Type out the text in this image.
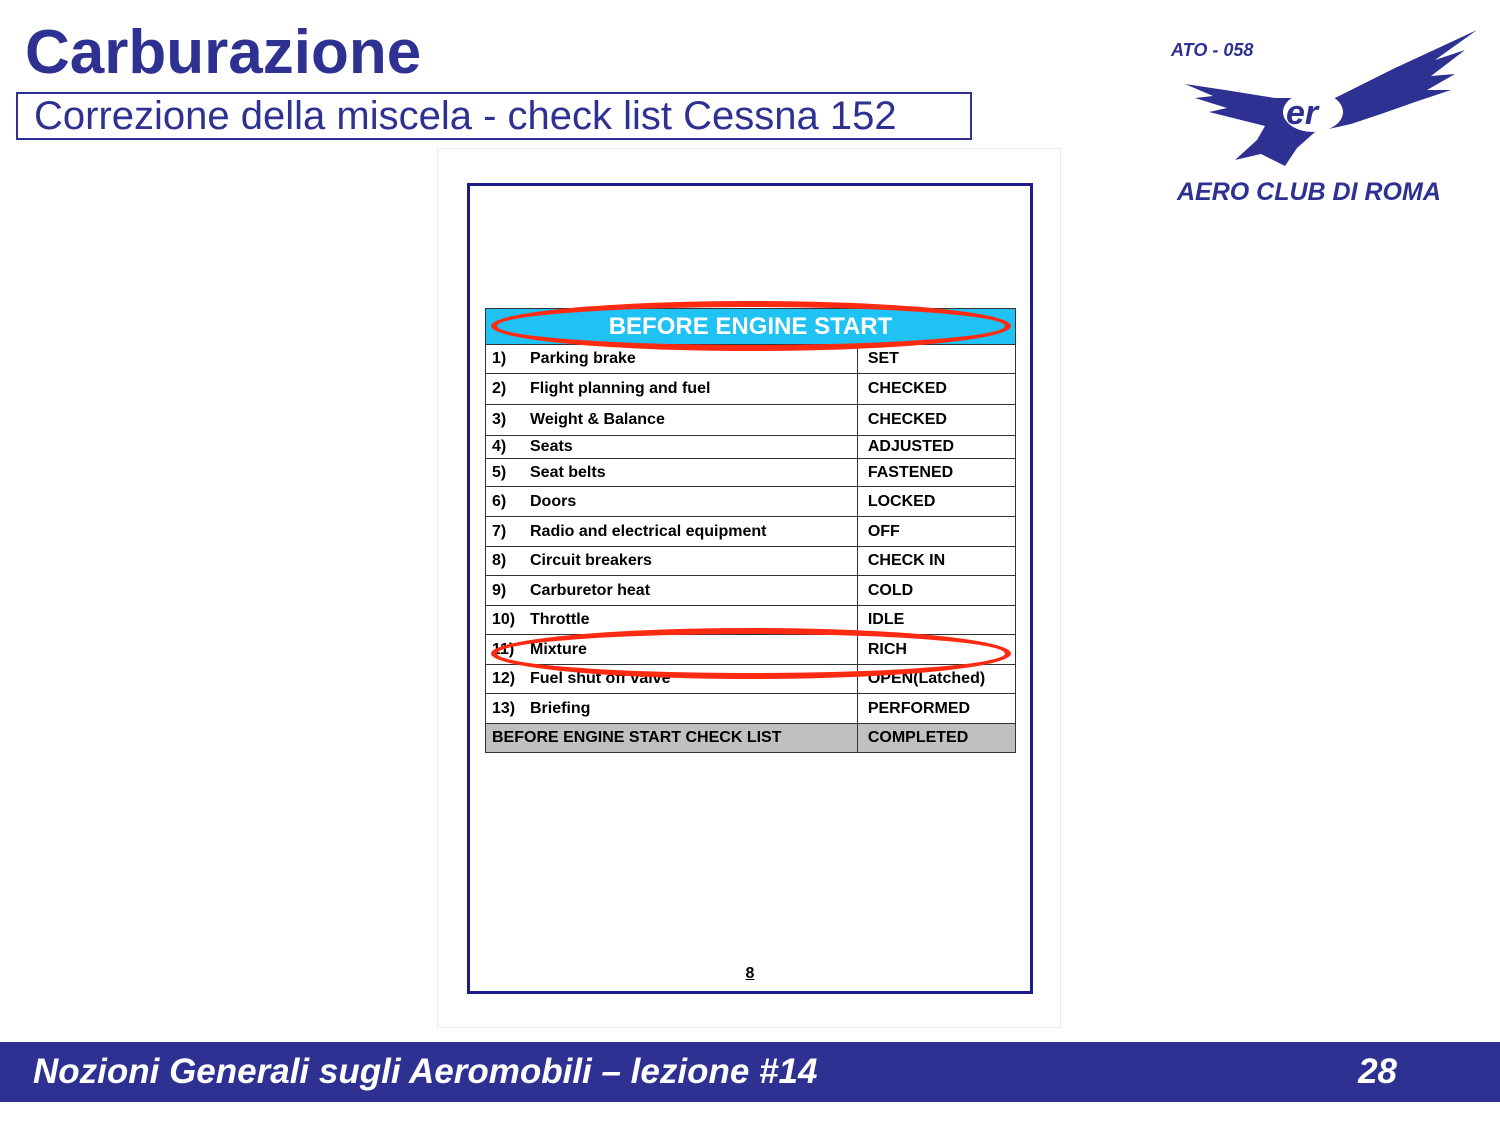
Carburazione
Correzione della miscela - check list Cessna 152	er
ATO - 058
AERO CLUB DI ROMA
BEFORE ENGINE START	
1) Parking brake	SET
2) Flight planning and fuel	CHECKED
3) Weight & Balance	CHECKED
4) Seats	ADJUSTED
5) Seat belts	FASTENED
6) Doors	LOCKED
7) Radio and electrical equipment	OFF
8) Circuit breakers	CHECK IN
9) Carburetor heat	COLD
10) Throttle	IDLE
11) Mixture	RICH
12) Fuel shut off valve	OPEN(Latched)
13) Briefing	PERFORMED
BEFORE ENGINE START CHECK LIST	COMPLETED
8
Nozioni Generali sugli Aeromobili – lezione #14	28
